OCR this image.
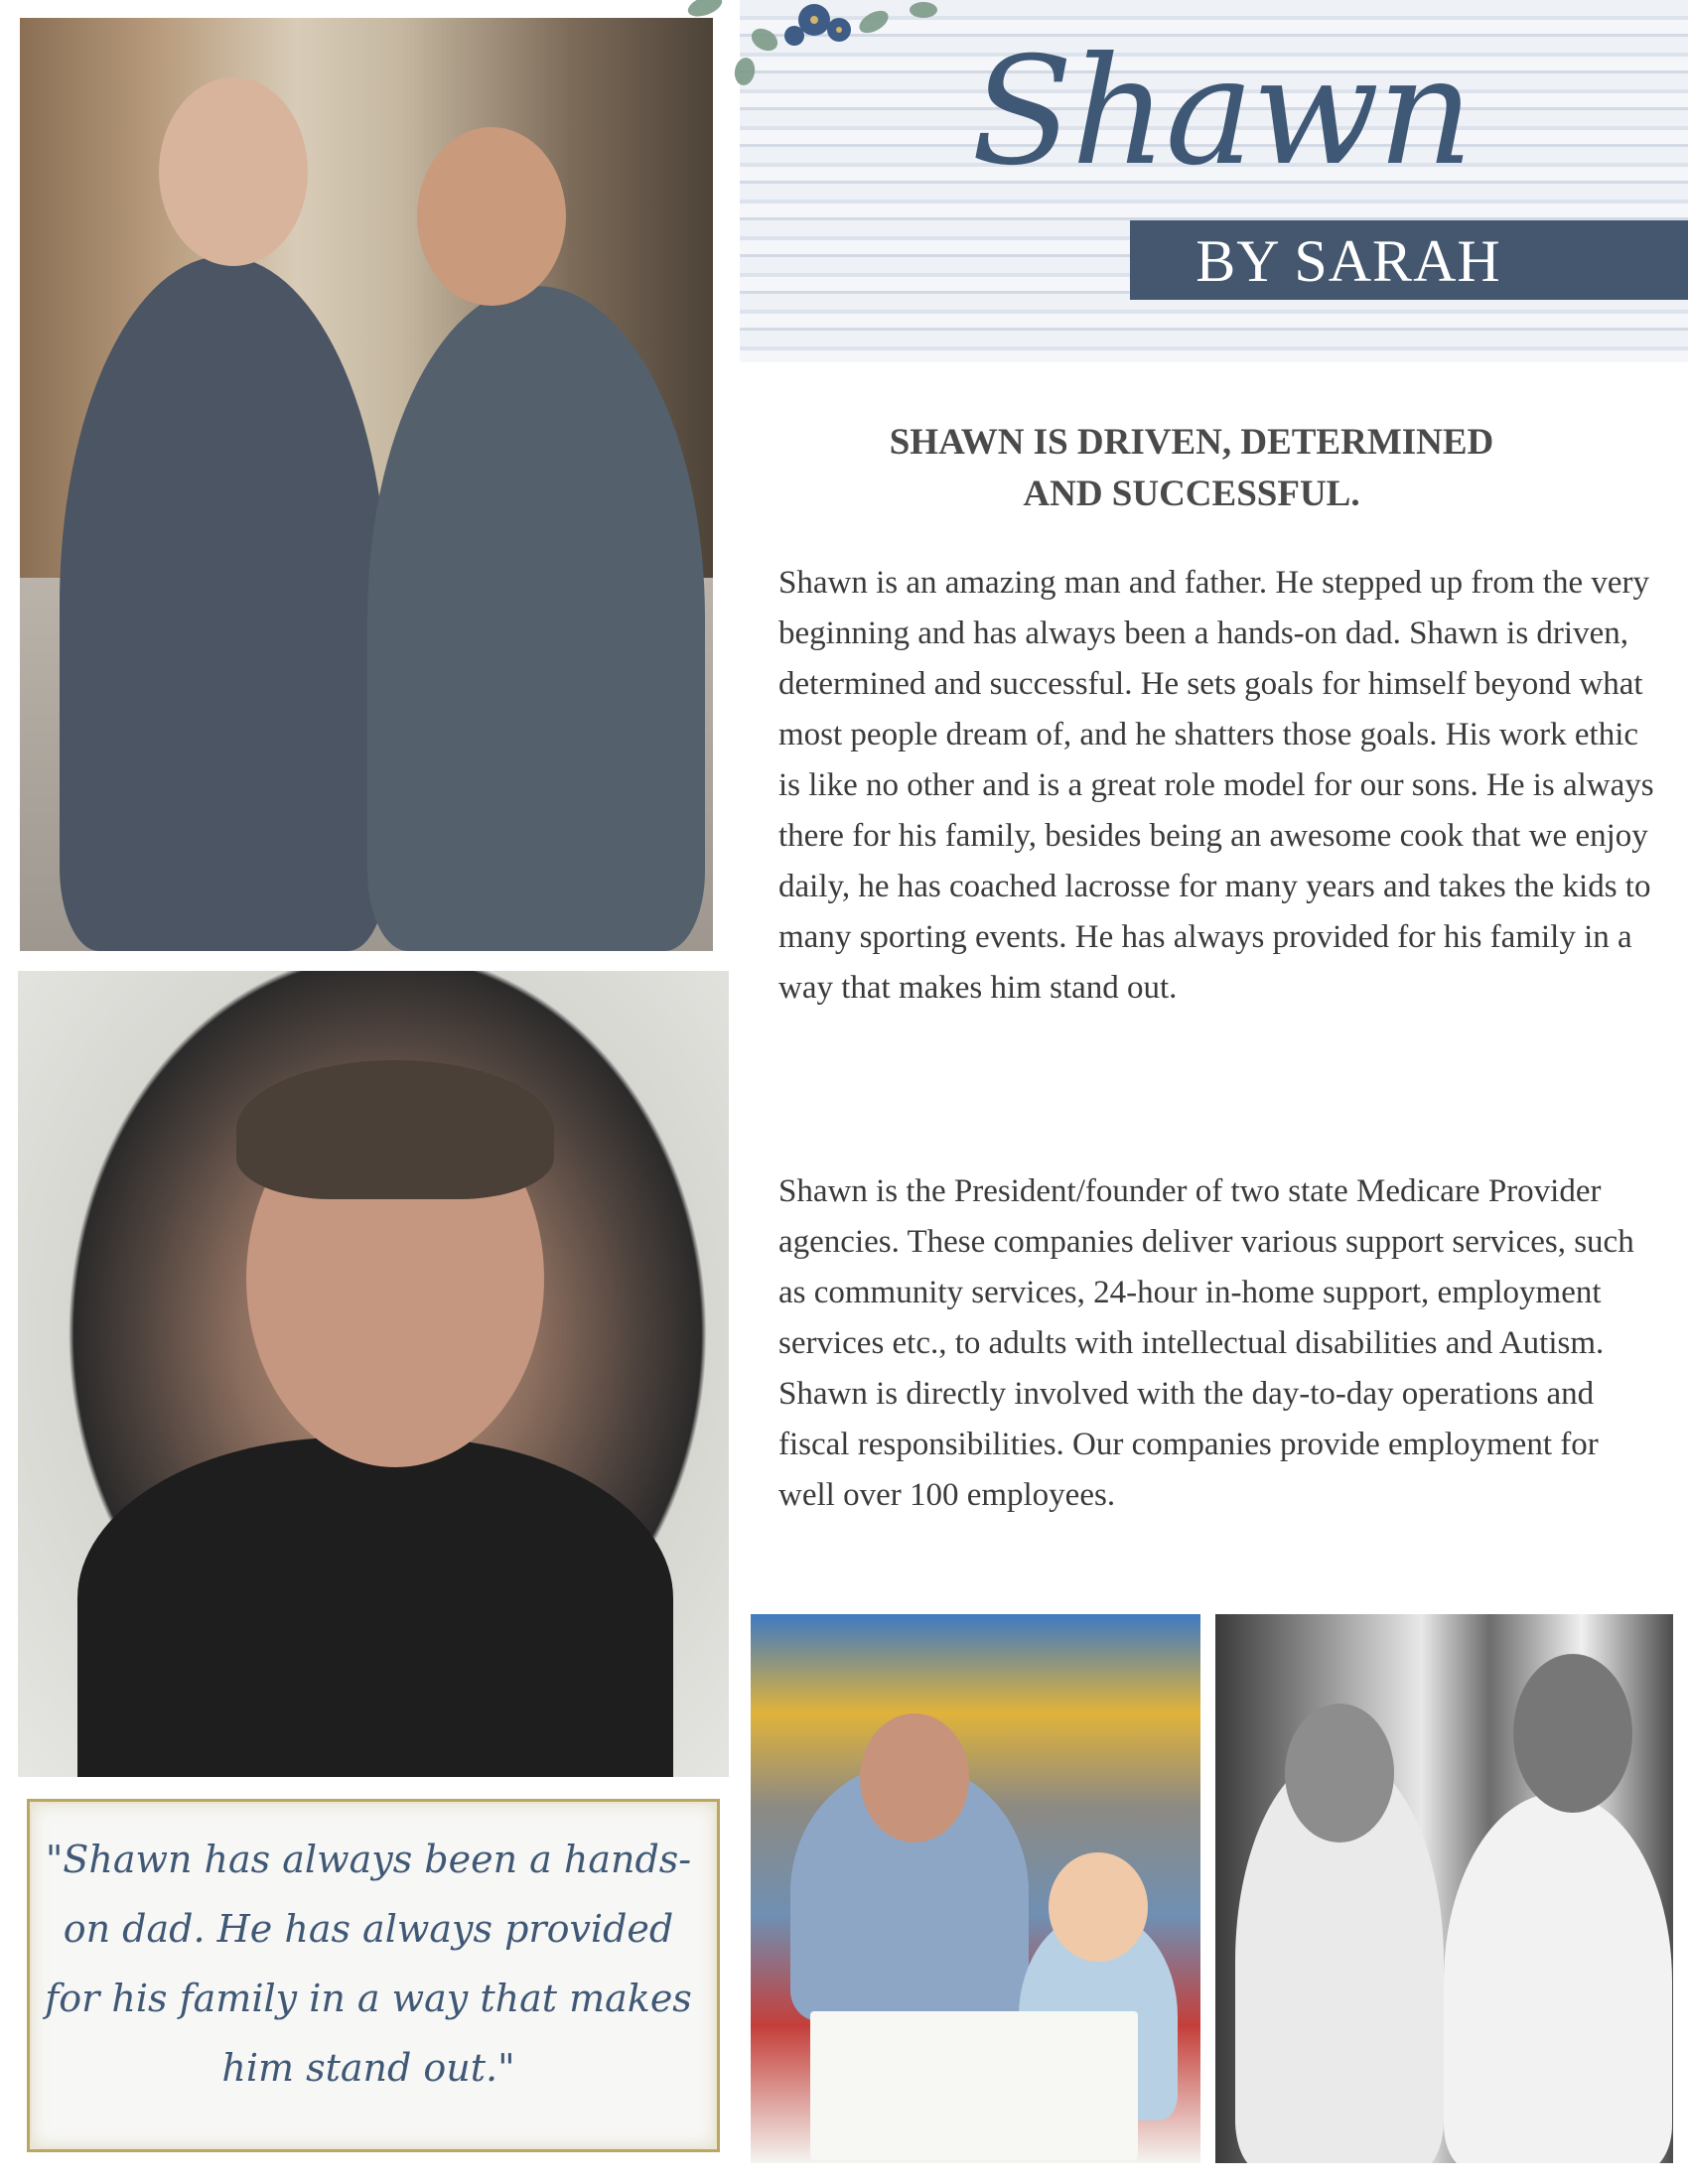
Shawn
BY SARAH
SHAWN IS DRIVEN, DETERMINED
AND SUCCESSFUL.
Shawn is an amazing man and father. He stepped up from the very beginning and has always been a hands-on dad. Shawn is driven, determined and successful. He sets goals for himself beyond what most people dream of, and he shatters those goals. His work ethic is like no other and is a great role model for our sons. He is always there for his family, besides being an awesome cook that we enjoy daily, he has coached lacrosse for many years and takes the kids to many sporting events. He has always provided for his family in a way that makes him stand out.
Shawn is the President/founder of two state Medicare Provider agencies. These companies deliver various support services, such as community services, 24-hour in-home support, employment services etc., to adults with intellectual disabilities and Autism. Shawn is directly involved with the day-to-day operations and fiscal responsibilities. Our companies provide employment for well over 100 employees.
"Shawn has always been a hands-on dad. He has always provided for his family in a way that makes him stand out."
